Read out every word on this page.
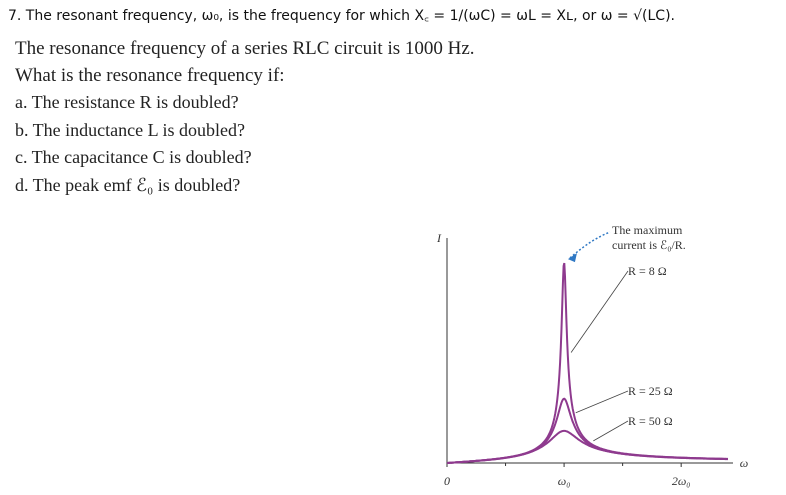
7. The resonant frequency, ω₀, is the frequency for which X꜀ = 1/(ωC) = ωL = Xʟ, or ω = √(LC).
The resonance frequency of a series RLC circuit is 1000 Hz.
What is the resonance frequency if:
a. The resistance R is doubled?
b. The inductance L is doubled?
c. The capacitance C is doubled?
d. The peak emf ℰ₀ is doubled?
0	ω₀	2ω₀
I
ω
R = 8 Ω
R = 25 Ω
R = 50 Ω
The maximum
current is ℰ₀/R.
